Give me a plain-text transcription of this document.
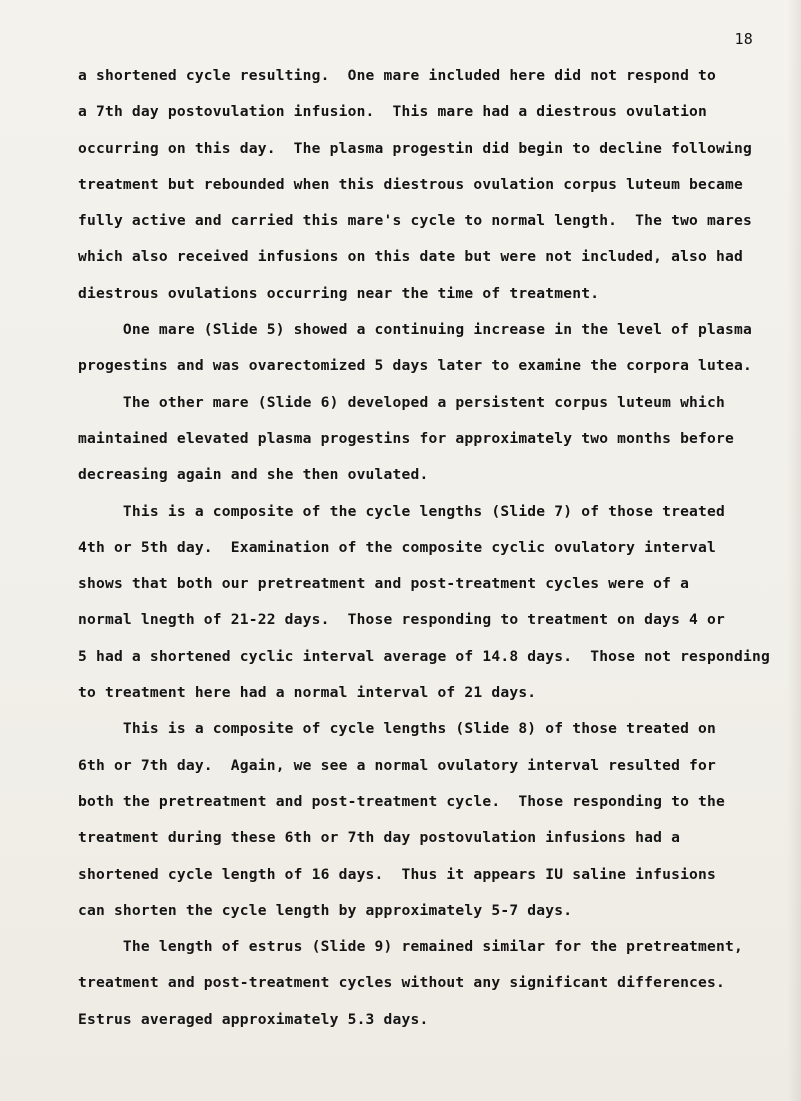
18

a shortened cycle resulting.  One mare included here did not respond to

a 7th day postovulation infusion.  This mare had a diestrous ovulation

occurring on this day.  The plasma progestin did begin to decline following

treatment but rebounded when this diestrous ovulation corpus luteum became

fully active and carried this mare's cycle to normal length.  The two mares

which also received infusions on this date but were not included, also had

diestrous ovulations occurring near the time of treatment.

One mare (Slide 5) showed a continuing increase in the level of plasma

progestins and was ovarectomized 5 days later to examine the corpora lutea.

The other mare (Slide 6) developed a persistent corpus luteum which

maintained elevated plasma progestins for approximately two months before

decreasing again and she then ovulated.

This is a composite of the cycle lengths (Slide 7) of those treated

4th or 5th day.  Examination of the composite cyclic ovulatory interval

shows that both our pretreatment and post-treatment cycles were of a

normal lnegth of 21-22 days.  Those responding to treatment on days 4 or

5 had a shortened cyclic interval average of 14.8 days.  Those not responding

to treatment here had a normal interval of 21 days.

This is a composite of cycle lengths (Slide 8) of those treated on

6th or 7th day.  Again, we see a normal ovulatory interval resulted for

both the pretreatment and post-treatment cycle.  Those responding to the

treatment during these 6th or 7th day postovulation infusions had a

shortened cycle length of 16 days.  Thus it appears IU saline infusions

can shorten the cycle length by approximately 5-7 days.

The length of estrus (Slide 9) remained similar for the pretreatment,

treatment and post-treatment cycles without any significant differences.

Estrus averaged approximately 5.3 days.
